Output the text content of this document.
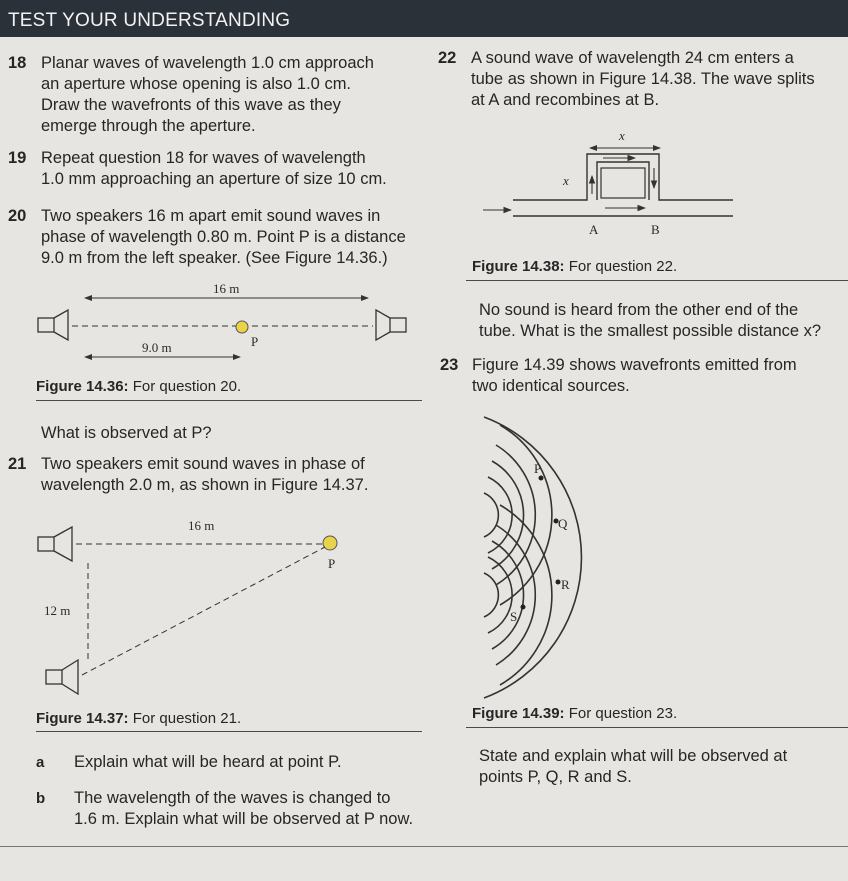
TEST YOUR UNDERSTANDING
18 Planar waves of wavelength 1.0 cm approach
an aperture whose opening is also 1.0 cm.
Draw the wavefronts of this wave as they
emerge through the aperture.
19 Repeat question 18 for waves of wavelength
1.0 mm approaching an aperture of size 10 cm.
20 Two speakers 16 m apart emit sound waves in
phase of wavelength 0.80 m. Point P is a distance
9.0 m from the left speaker. (See Figure 14.36.)
16 m
P
9.0 m
Figure 14.36: For question 20.
What is observed at P?
21 Two speakers emit sound waves in phase of
wavelength 2.0 m, as shown in Figure 14.37.
16 m
P
12 m
Figure 14.37: For question 21.
a Explain what will be heard at point P.
b The wavelength of the waves is changed to
1.6 m. Explain what will be observed at P now.
22 A sound wave of wavelength 24 cm enters a
tube as shown in Figure 14.38. The wave splits
at A and recombines at B.
x
x
A	B
Figure 14.38: For question 22.
No sound is heard from the other end of the
tube. What is the smallest possible distance x?
23 Figure 14.39 shows wavefronts emitted from
two identical sources.
P
Q
R
S
Figure 14.39: For question 23.
State and explain what will be observed at
points P, Q, R and S.
